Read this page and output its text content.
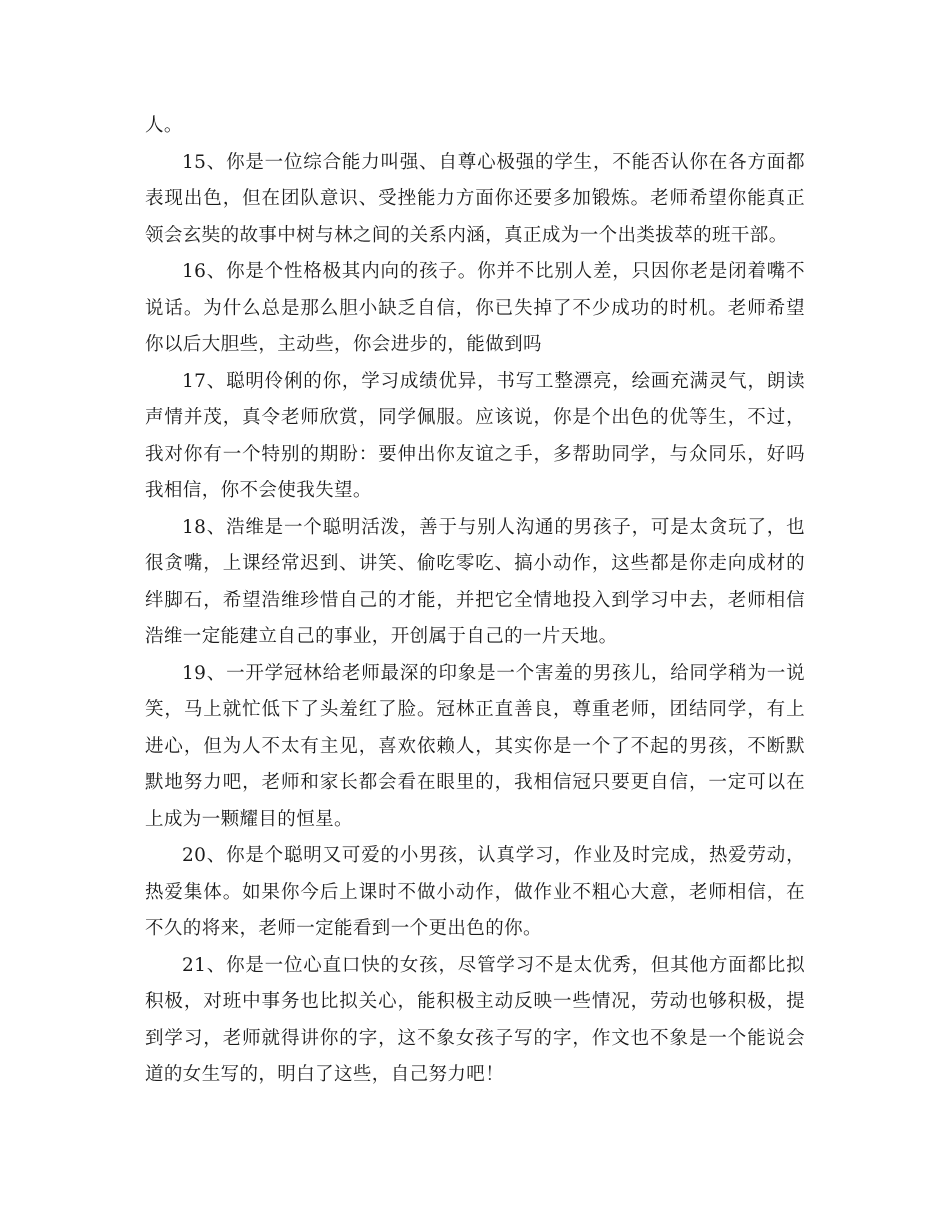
人。

15、你是一位综合能力叫强、自尊心极强的学生，不能否认你在各方面都表现出色，但在团队意识、受挫能力方面你还要多加锻炼。老师希望你能真正领会玄奘的故事中树与林之间的关系内涵，真正成为一个出类拔萃的班干部。

16、你是个性格极其内向的孩子。你并不比别人差，只因你老是闭着嘴不说话。为什么总是那么胆小缺乏自信，你已失掉了不少成功的时机。老师希望你以后大胆些，主动些，你会进步的，能做到吗

17、聪明伶俐的你，学习成绩优异，书写工整漂亮，绘画充满灵气，朗读声情并茂，真令老师欣赏，同学佩服。应该说，你是个出色的优等生，不过，我对你有一个特别的期盼：要伸出你友谊之手，多帮助同学，与众同乐，好吗我相信，你不会使我失望。

18、浩维是一个聪明活泼，善于与别人沟通的男孩子，可是太贪玩了，也很贪嘴，上课经常迟到、讲笑、偷吃零吃、搞小动作，这些都是你走向成材的绊脚石，希望浩维珍惜自己的才能，并把它全情地投入到学习中去，老师相信浩维一定能建立自己的事业，开创属于自己的一片天地。

19、一开学冠林给老师最深的印象是一个害羞的男孩儿，给同学稍为一说笑，马上就忙低下了头羞红了脸。冠林正直善良，尊重老师，团结同学，有上进心，但为人不太有主见，喜欢依赖人，其实你是一个了不起的男孩，不断默默地努力吧，老师和家长都会看在眼里的，我相信冠只要更自信，一定可以在上成为一颗耀目的恒星。

20、你是个聪明又可爱的小男孩，认真学习，作业及时完成，热爱劳动，热爱集体。如果你今后上课时不做小动作，做作业不粗心大意，老师相信，在不久的将来，老师一定能看到一个更出色的你。

21、你是一位心直口快的女孩，尽管学习不是太优秀，但其他方面都比拟积极，对班中事务也比拟关心，能积极主动反映一些情况，劳动也够积极，提到学习，老师就得讲你的字，这不象女孩子写的字，作文也不象是一个能说会道的女生写的，明白了这些，自己努力吧！
